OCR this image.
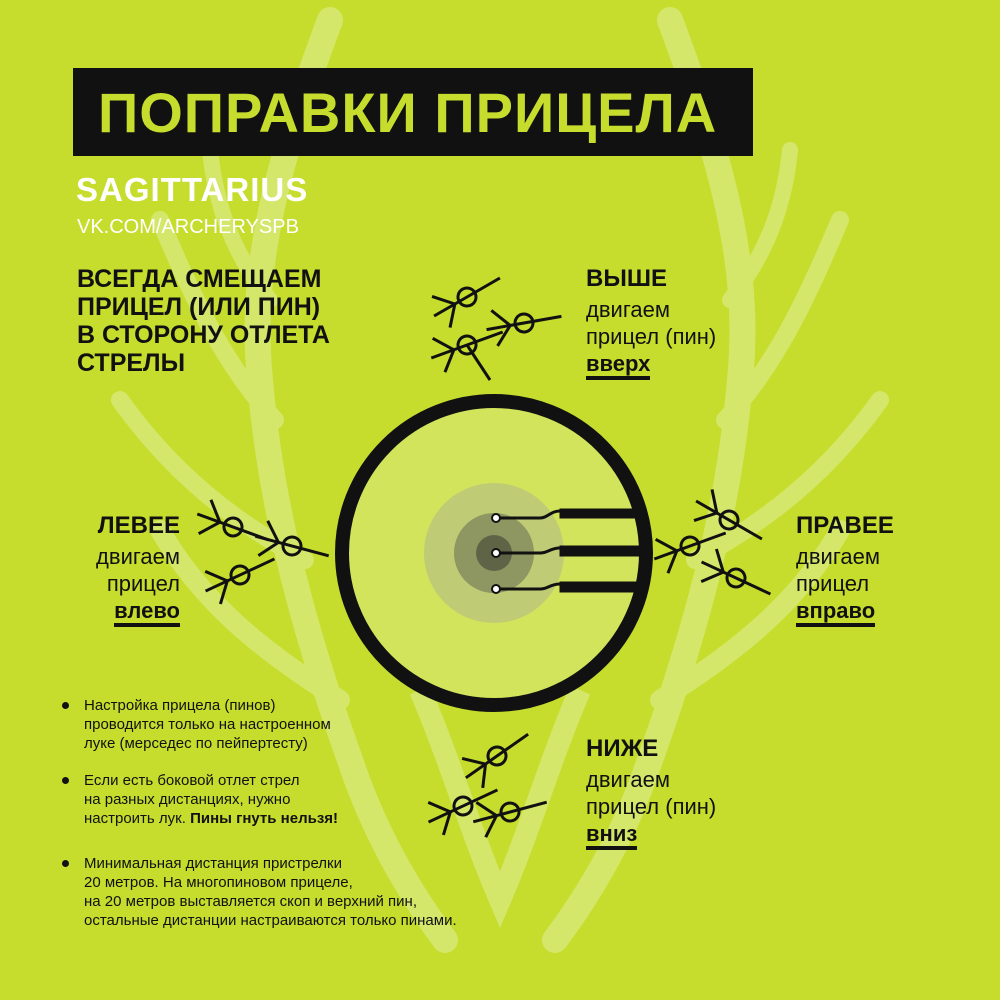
ПОПРАВКИ ПРИЦЕЛА
SAGITTARIUS
VK.COM/ARCHERYSPB
ВСЕГДА СМЕЩАЕМ
ПРИЦЕЛ (ИЛИ ПИН)
В СТОРОНУ ОТЛЕТА
СТРЕЛЫ
ВЫШЕ
двигаем
прицел (пин)
вверх
ЛЕВЕЕ
двигаем
прицел
влево
ПРАВЕЕ
двигаем
прицел
вправо
НИЖЕ
двигаем
прицел (пин)
вниз
Настройка прицела (пинов)
проводится только на настроенном
луке (мерседес по пейпертесту)
Если есть боковой отлет стрел
на разных дистанциях, нужно
настроить лук. Пины гнуть нельзя!
Минимальная дистанция пристрелки
20 метров. На многопиновом прицеле,
на 20 метров выставляется скоп и верхний пин,
остальные дистанции настраиваются только пинами.
